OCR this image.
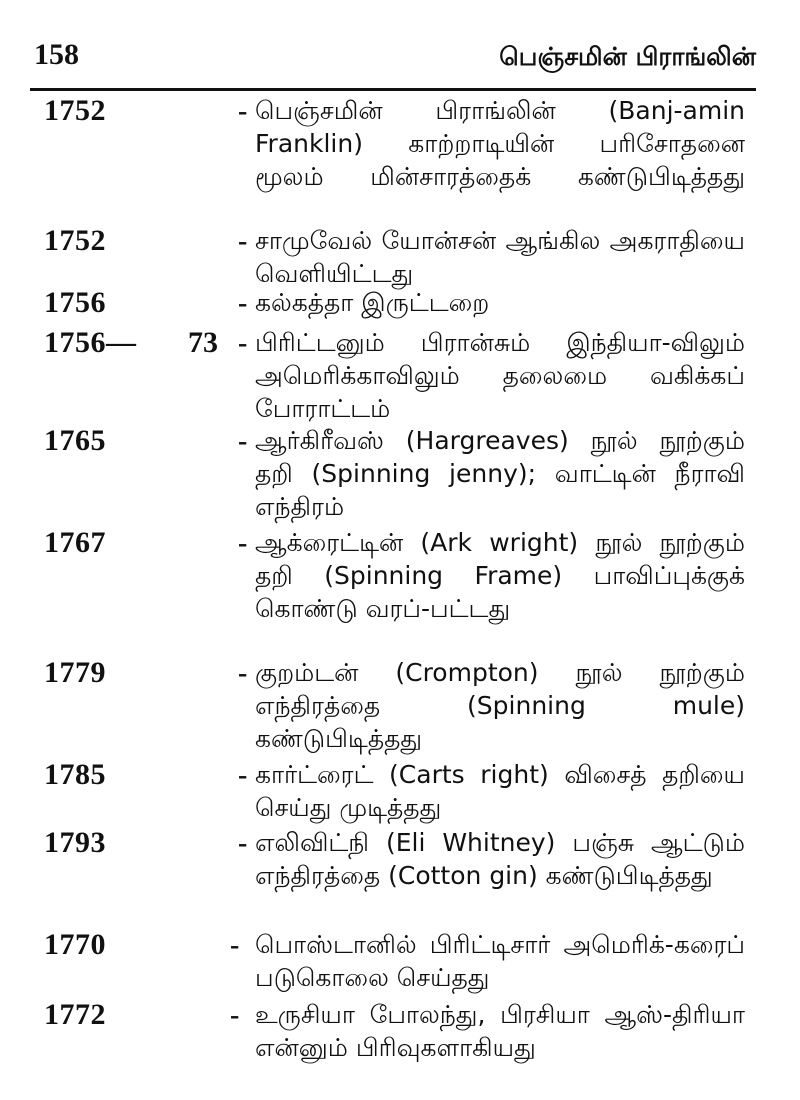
158	பெஞ்சமின் பிராங்லின்
1752	- பெஞ்சமின் பிராங்லின் (Banj-amin Franklin) காற்றாடியின் பரிசோதனை மூலம் மின்சாரத்தைக் கண்டுபிடித்தது
1752	- சாமுவேல் யோன்சன் ஆங்கில அகராதியை வெளியிட்டது
1756	- கல்கத்தா இருட்டறை
1756— 73 - பிரிட்டனும் பிரான்சும் இந்தியா-விலும் அமெரிக்காவிலும் தலைமை வகிக்கப் போராட்டம்
1765	- ஆர்கிரீவஸ் (Hargreaves) நூல் நூற்கும் தறி (Spinning jenny); வாட்டின் நீராவி எந்திரம்
1767	- ஆக்ரைட்டின் (Ark wright) நூல் நூற்கும் தறி (Spinning Frame) பாவிப்புக்குக் கொண்டு வரப்-பட்டது
1779	- குறம்டன் (Crompton) நூல் நூற்கும் எந்திரத்தை (Spinning mule) கண்டுபிடித்தது
1785	- கார்ட்ரைட் (Carts right) விசைத் தறியை செய்து முடித்தது
1793	- எலிவிட்நி (Eli Whitney) பஞ்சு ஆட்டும் எந்திரத்தை (Cotton gin) கண்டுபிடித்தது
1770	- பொஸ்டானில் பிரிட்டிசார் அமெரிக்-கரைப் படுகொலை செய்தது
1772	- உருசியா போலந்து, பிரசியா ஆஸ்-திரியா என்னும் பிரிவுகளாகியது
